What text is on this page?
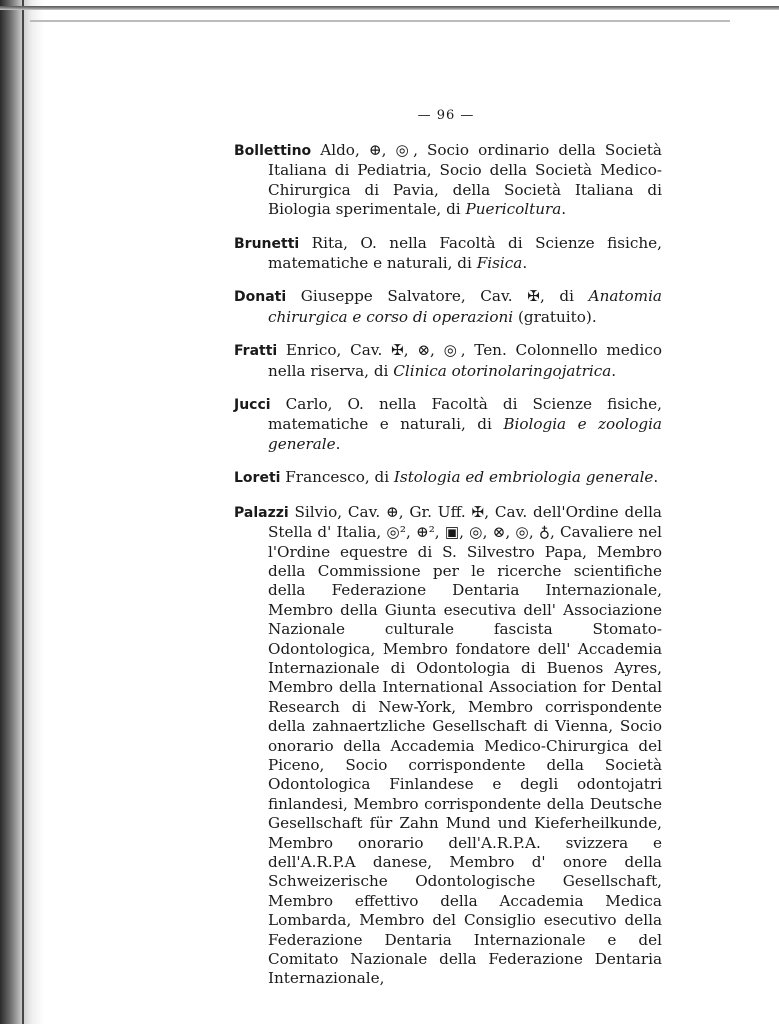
— 96 —
Bollettino Aldo, ⊕, ◎, Socio ordinario della Società Italiana di Pediatria, Socio della Società Medico-Chirurgica di Pavia, della Società Italiana di Biologia sperimentale, di Puericoltura.
Brunetti Rita, O. nella Facoltà di Scienze fisiche, matematiche e naturali, di Fisica.
Donati Giuseppe Salvatore, Cav. ✠, di Anatomia chirurgica e corso di operazioni (gratuito).
Fratti Enrico, Cav. ✠, ⊗, ◎, Ten. Colonnello medico nella riserva, di Clinica otorinolaringojatrica.
Jucci Carlo, O. nella Facoltà di Scienze fisiche, matematiche e naturali, di Biologia e zoologia generale.
Loreti Francesco, di Istologia ed embriologia generale.
Palazzi Silvio, Cav. ⊕, Gr. Uff. ✠, Cav. dell'Ordine della Stella d' Italia, ◎², ⊕², ▣, ◎, ⊗, ◎, ♁, Cavaliere nel l'Ordine equestre di S. Silvestro Papa, Membro della Commissione per le ricerche scientifiche della Federazione Dentaria Internazionale, Membro della Giunta esecutiva dell' Associazione Nazionale culturale fascista Stomato-Odontologica, Membro fondatore dell' Accademia Internazionale di Odontologia di Buenos Ayres, Membro della International Association for Dental Research di New-York, Membro corrispondente della zahnaertzliche Gesellschaft di Vienna, Socio onorario della Accademia Medico-Chirurgica del Piceno, Socio corrispondente della Società Odontologica Finlandese e degli odontojatri finlandesi, Membro corrispondente della Deutsche Gesellschaft für Zahn Mund und Kieferheilkunde, Membro onorario dell'A.R.P.A. svizzera e dell'A.R.P.A danese, Membro d' onore della Schweizerische Odontologische Gesellschaft, Membro effettivo della Accademia Medica Lombarda, Membro del Consiglio esecutivo della Federazione Dentaria Internazionale e del Comitato Nazionale della Federazione Dentaria Internazionale,
